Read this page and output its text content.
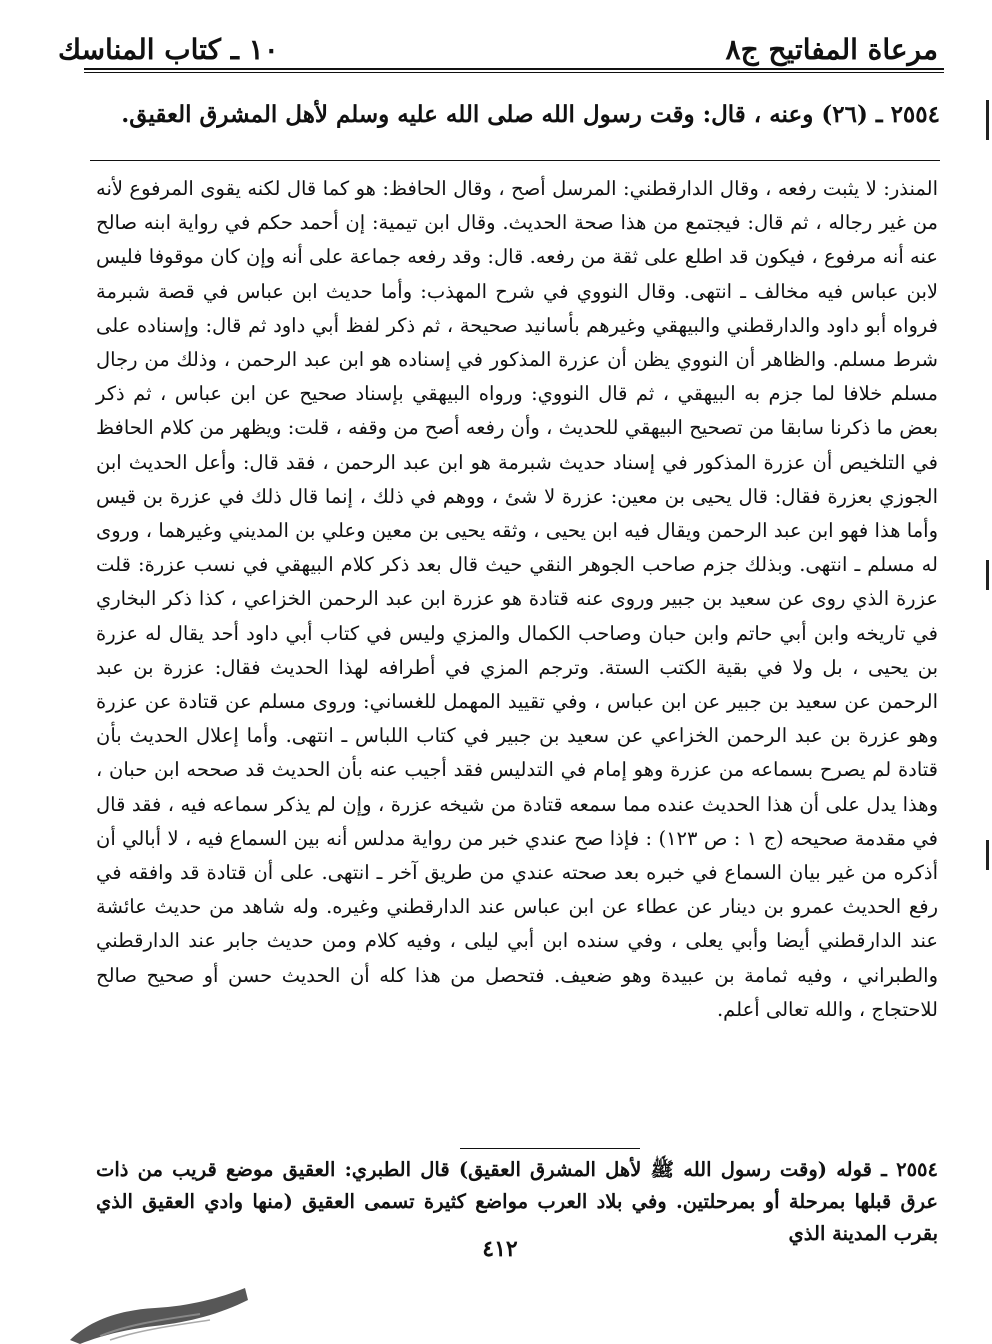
١٠ ـ كتاب المناسك	مرعاة المفاتيح ج٨
٢٥٥٤ ـ (٢٦) وعنه ، قال: وقت رسول الله صلى الله عليه وسلم لأهل المشرق العقيق.
المنذر: لا يثبت رفعه ، وقال الدارقطني: المرسل أصح ، وقال الحافظ: هو كما قال لكنه يقوى المرفوع لأنه من غير رجاله ، ثم قال: فيجتمع من هذا صحة الحديث. وقال ابن تيمية: إن أحمد حكم في رواية ابنه صالح عنه أنه مرفوع ، فيكون قد اطلع على ثقة من رفعه. قال: وقد رفعه جماعة على أنه وإن كان موقوفا فليس لابن عباس فيه مخالف ـ انتهى. وقال النووي في شرح المهذب: وأما حديث ابن عباس في قصة شبرمة فرواه أبو داود والدارقطني والبيهقي وغيرهم بأسانيد صحيحة ، ثم ذكر لفظ أبي داود ثم قال: وإسناده على شرط مسلم. والظاهر أن النووي يظن أن عزرة المذكور في إسناده هو ابن عبد الرحمن ، وذلك من رجال مسلم خلافا لما جزم به البيهقي ، ثم قال النووي: ورواه البيهقي بإسناد صحيح عن ابن عباس ، ثم ذكر بعض ما ذكرنا سابقا من تصحيح البيهقي للحديث ، وأن رفعه أصح من وقفه ، قلت: ويظهر من كلام الحافظ في التلخيص أن عزرة المذكور في إسناد حديث شبرمة هو ابن عبد الرحمن ، فقد قال: وأعل الحديث ابن الجوزي بعزرة فقال: قال يحيى بن معين: عزرة لا شئ ، ووهم في ذلك ، إنما قال ذلك في عزرة بن قيس وأما هذا فهو ابن عبد الرحمن ويقال فيه ابن يحيى ، وثقه يحيى بن معين وعلي بن المديني وغيرهما ، وروى له مسلم ـ انتهى. وبذلك جزم صاحب الجوهر النقي حيث قال بعد ذكر كلام البيهقي في نسب عزرة: قلت عزرة الذي روى عن سعيد بن جبير وروى عنه قتادة هو عزرة ابن عبد الرحمن الخزاعي ، كذا ذكر البخاري في تاريخه وابن أبي حاتم وابن حبان وصاحب الكمال والمزي وليس في كتاب أبي داود أحد يقال له عزرة بن يحيى ، بل ولا في بقية الكتب الستة. وترجم المزي في أطرافه لهذا الحديث فقال: عزرة بن عبد الرحمن عن سعيد بن جبير عن ابن عباس ، وفي تقييد المهمل للغساني: وروى مسلم عن قتادة عن عزرة وهو عزرة بن عبد الرحمن الخزاعي عن سعيد بن جبير في كتاب اللباس ـ انتهى. وأما إعلال الحديث بأن قتادة لم يصرح بسماعه من عزرة وهو إمام في التدليس فقد أجيب عنه بأن الحديث قد صححه ابن حبان ، وهذا يدل على أن هذا الحديث عنده مما سمعه قتادة من شيخه عزرة ، وإن لم يذكر سماعه فيه ، فقد قال في مقدمة صحيحه (ج ١ : ص ١٢٣) : فإذا صح عندي خبر من رواية مدلس أنه بين السماع فيه ، لا أبالي أن أذكره من غير بيان السماع في خبره بعد صحته عندي من طريق آخر ـ انتهى. على أن قتادة قد وافقه في رفع الحديث عمرو بن دينار عن عطاء عن ابن عباس عند الدارقطني وغيره. وله شاهد من حديث عائشة عند الدارقطني أيضا وأبي يعلى ، وفي سنده ابن أبي ليلى ، وفيه كلام ومن حديث جابر عند الدارقطني والطبراني ، وفيه ثمامة بن عبيدة وهو ضعيف. فتحصل من هذا كله أن الحديث حسن أو صحيح صالح للاحتجاج ، والله تعالى أعلم.
٢٥٥٤ ـ قوله (وقت رسول الله ﷺ لأهل المشرق العقيق) قال الطبري: العقيق موضع قريب من ذات عرق قبلها بمرحلة أو بمرحلتين. وفي بلاد العرب مواضع كثيرة تسمى العقيق (منها وادي العقيق الذي بقرب المدينة الذي
٤١٢
